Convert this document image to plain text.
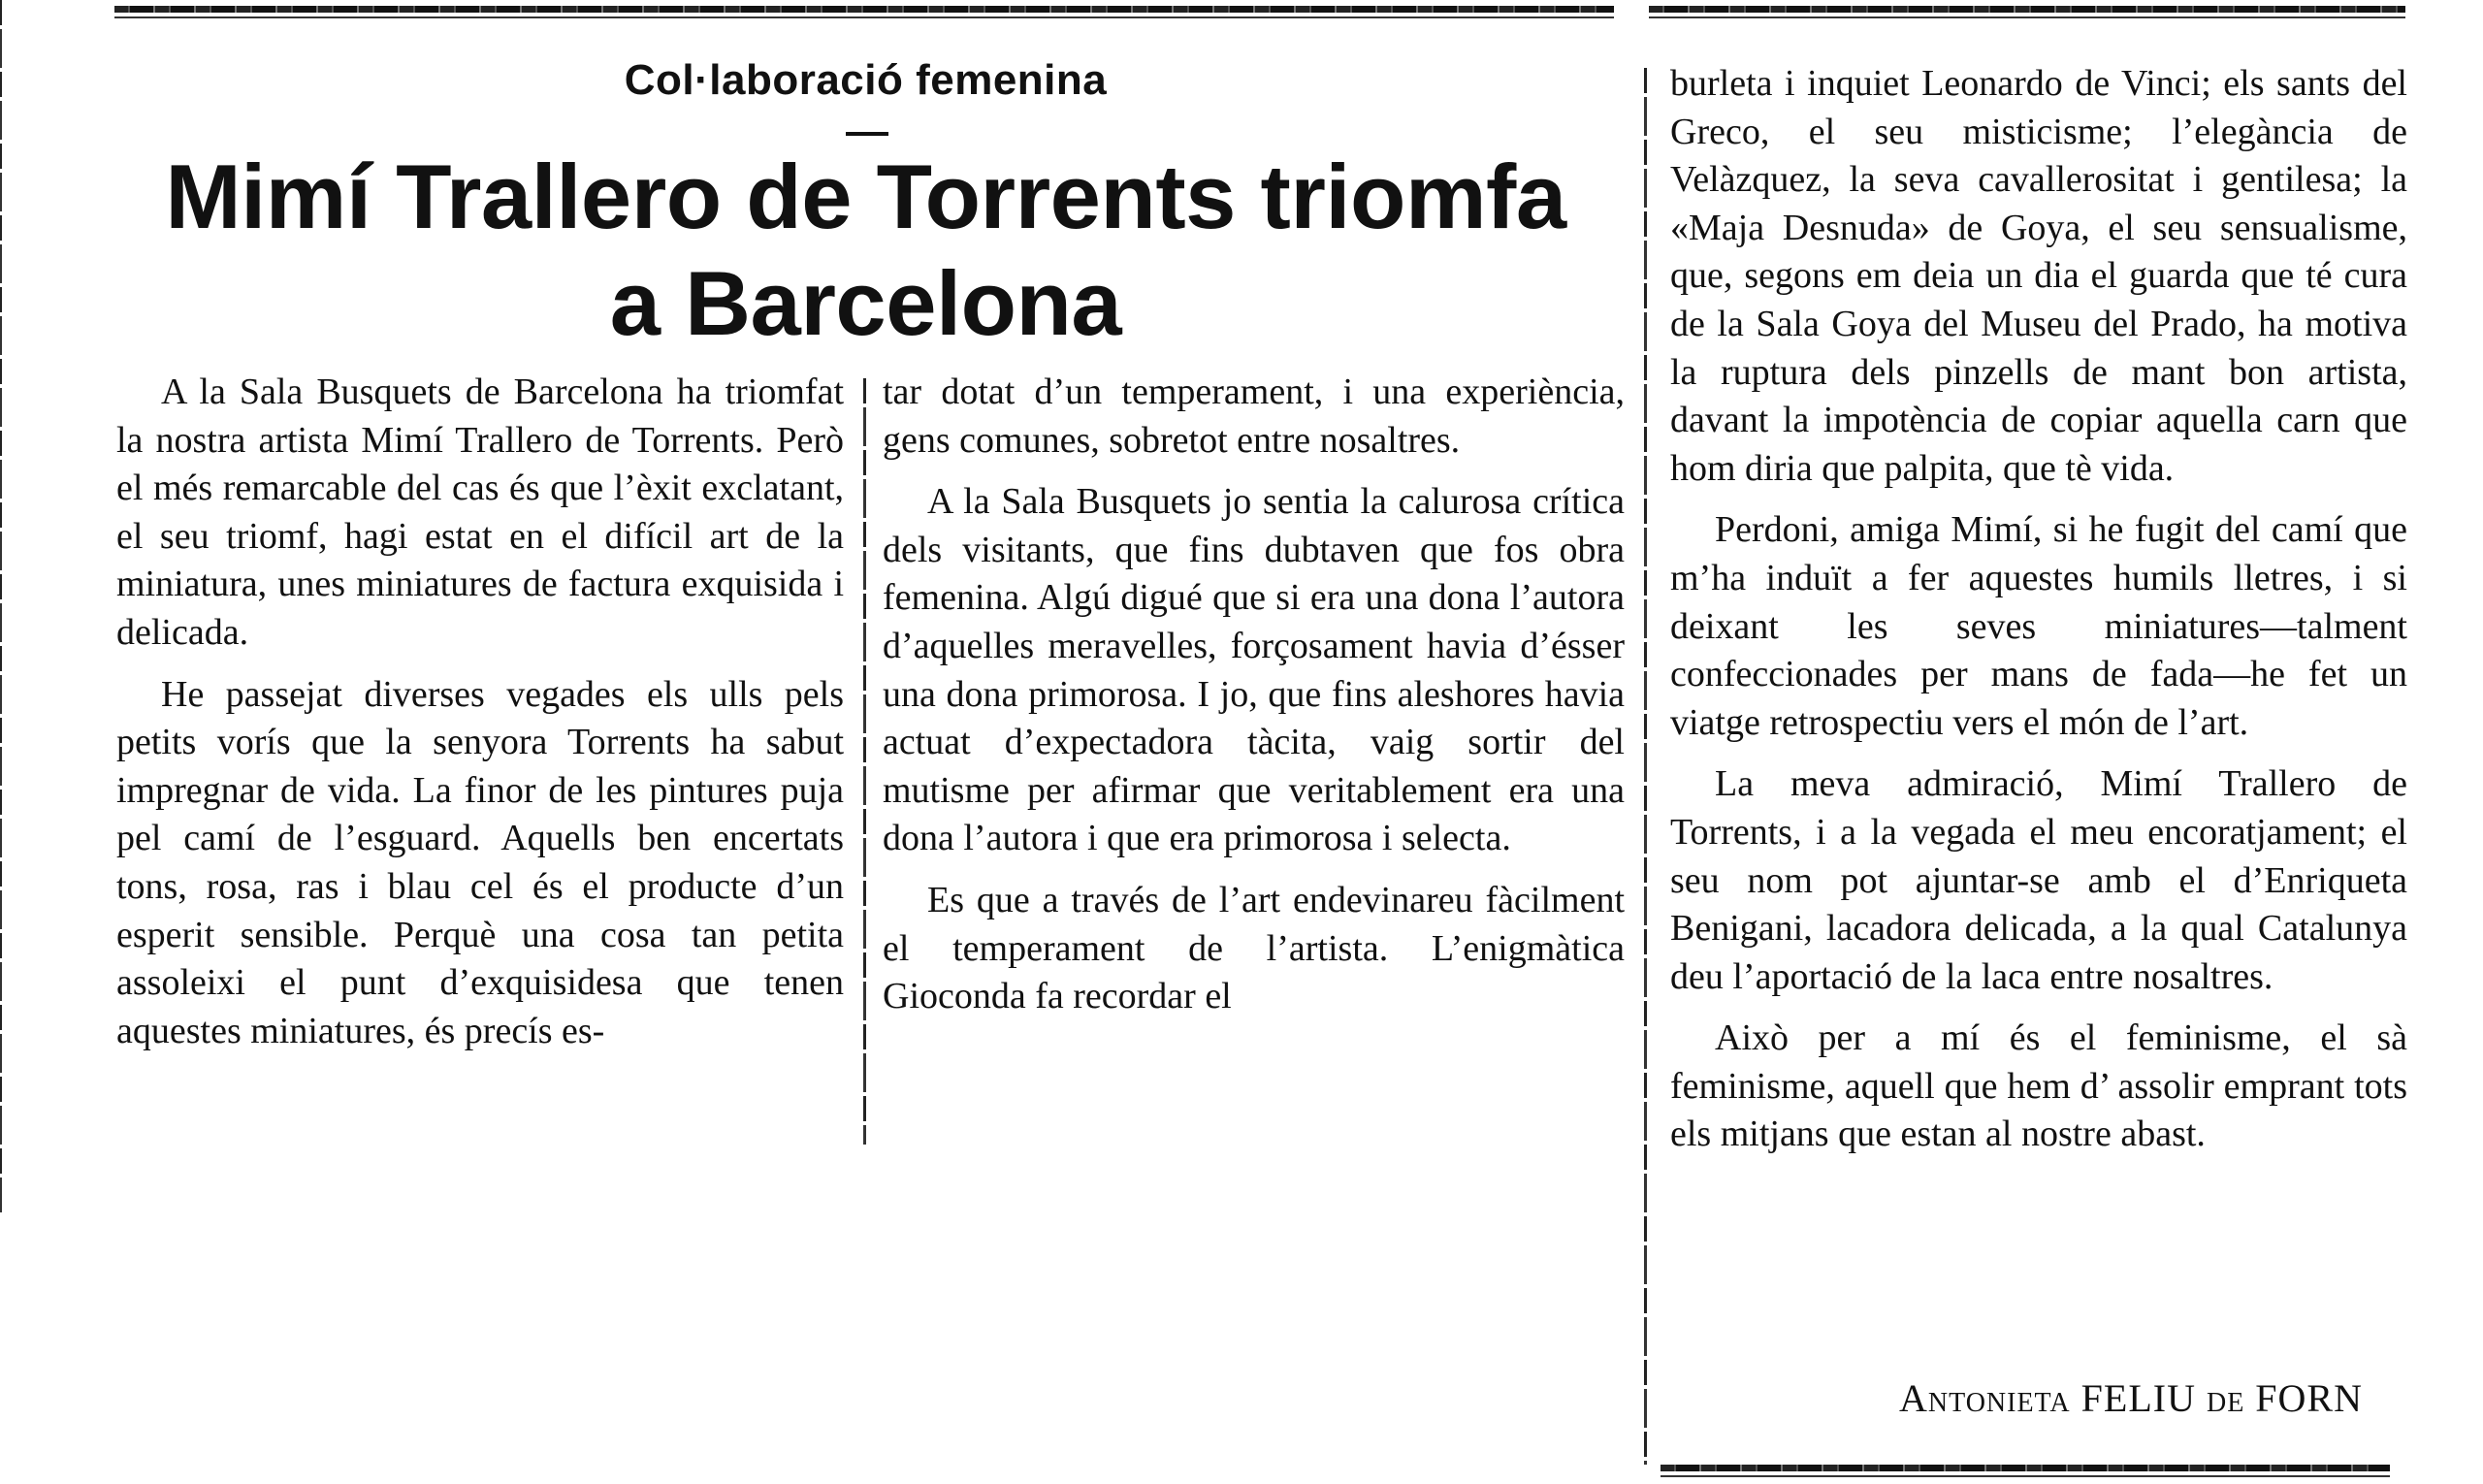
Col·laboració femenina
Mimí Trallero de Torrents triomfa
a Barcelona

A la Sala Busquets de Barcelona ha triomfat la nostra artista Mimí Trallero de Torrents. Però el més remarcable del cas és que l’èxit exclatant, el seu triomf, hagi estat en el difícil art de la miniatura, unes miniatures de factura exquisida i delicada.

He passejat diverses vegades els ulls pels petits vorís que la senyora Torrents ha sabut impregnar de vida. La finor de les pintures puja pel camí de l’esguard. Aquells ben encertats tons, rosa, ras i blau cel és el producte d’un esperit sensible. Perquè una cosa tan petita assoleixi el punt d’exquisidesa que tenen aquestes miniatures, és precís es-

tar dotat d’un temperament, i una experiència, gens comunes, sobretot entre nosaltres.

A la Sala Busquets jo sentia la calurosa crítica dels visitants, que fins dubtaven que fos obra femenina. Algú digué que si era una dona l’autora d’aquelles meravelles, forçosament havia d’ésser una dona primorosa. I jo, que fins aleshores havia actuat d’expectadora tàcita, vaig sortir del mutisme per afirmar que veritablement era una dona l’autora i que era primorosa i selecta.

Es que a través de l’art endevinareu fàcilment el temperament de l’artista. L’enigmàtica Gioconda fa recordar el

burleta i inquiet Leonardo de Vinci; els sants del Greco, el seu misticisme; l’elegància de Velàzquez, la seva cavallerositat i gentilesa; la «Maja Desnuda» de Goya, el seu sensualisme, que, segons em deia un dia el guarda que té cura de la Sala Goya del Museu del Prado, ha motiva la ruptura dels pinzells de mant bon artista, davant la impotència de copiar aquella carn que hom diria que palpita, que tè vida.

Perdoni, amiga Mimí, si he fugit del camí que m’ha induït a fer aquestes humils lletres, i si deixant les seves miniatures—talment confeccionades per mans de fada—he fet un viatge retrospectiu vers el món de l’art.

La meva admiració, Mimí Trallero de Torrents, i a la vegada el meu encoratjament; el seu nom pot ajuntar-se amb el d’Enriqueta Benigani, lacadora delicada, a la qual Catalunya deu l’aportació de la laca entre nosaltres.

Això per a mí és el feminisme, el sà feminisme, aquell que hem d’ assolir emprant tots els mitjans que estan al nostre abast.

Antonieta FELIU de FORN
